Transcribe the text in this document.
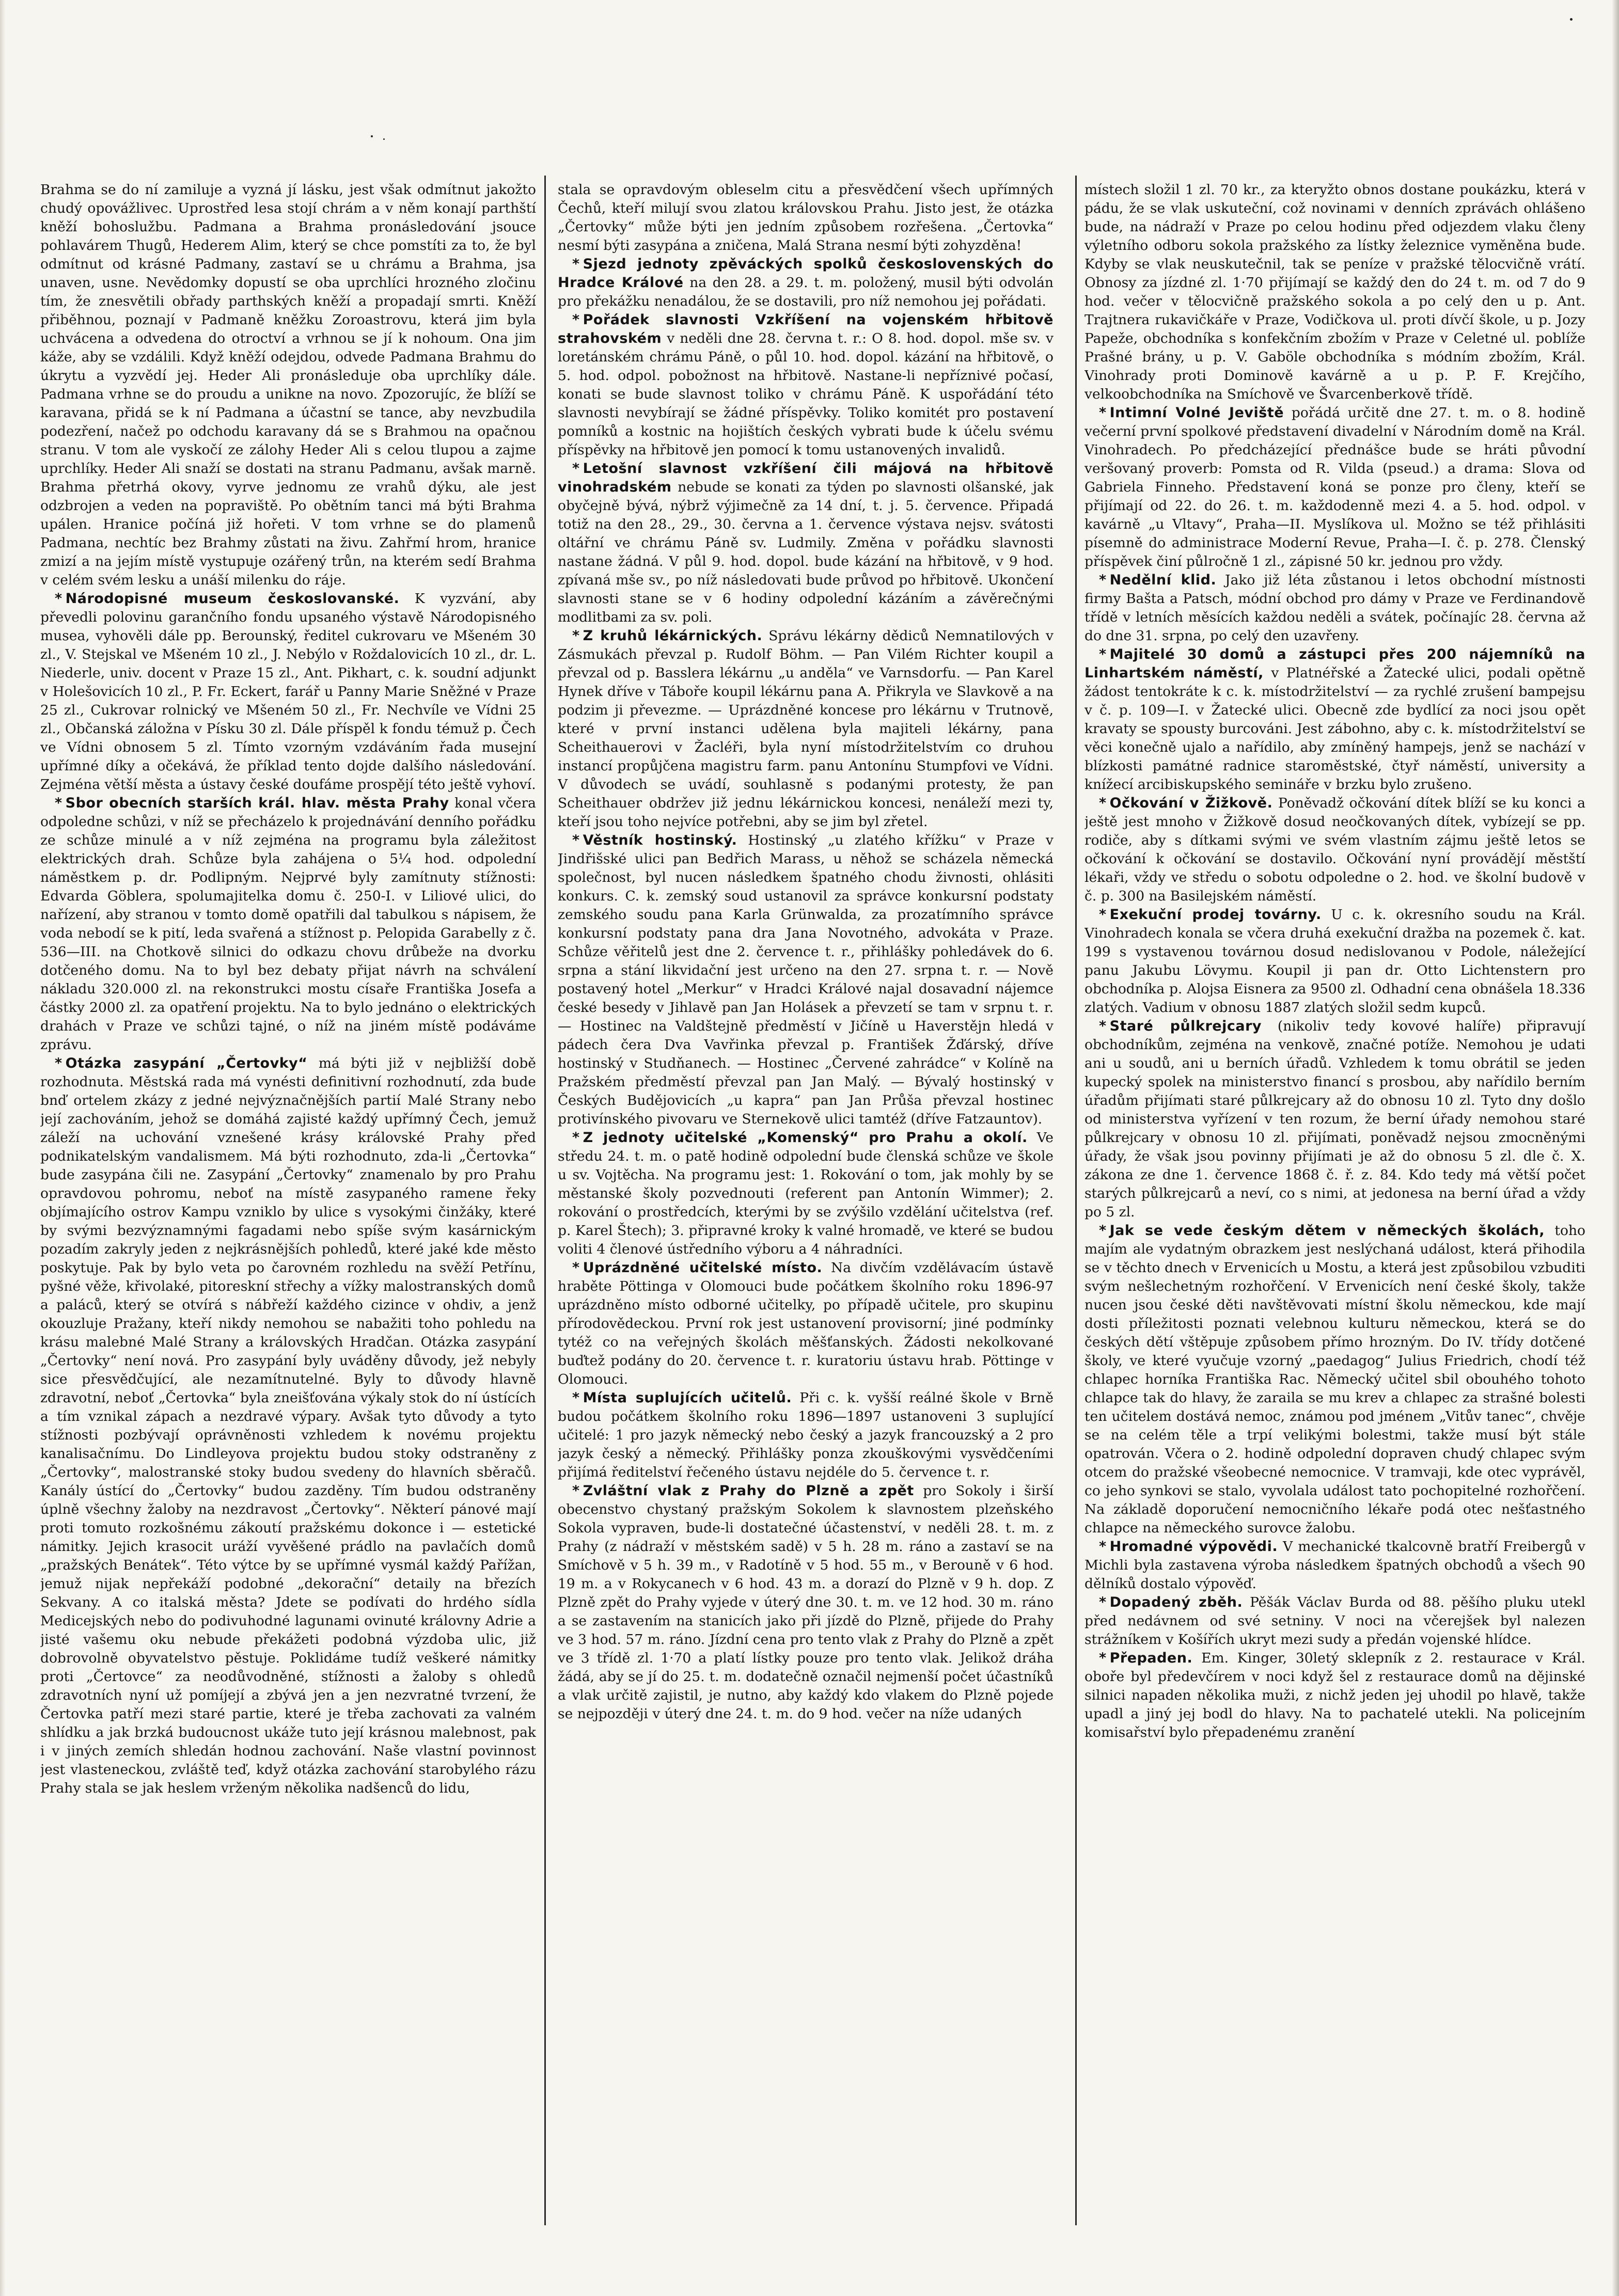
Brahma se do ní zamiluje a vyzná jí lásku, jest však odmítnut jakožto chudý opovážlivec. Uprostřed lesa stojí chrám a v něm konají parthští kněží bohoslužbu. Padmana a Brahma pronásledování jsouce pohlavárem Thugů, Hederem Alim, který se chce pomstíti za to, že byl odmítnut od krásné Padmany, zastaví se u chrámu a Brahma, jsa unaven, usne. Nevědomky dopustí se oba uprchlíci hrozného zločinu tím, že znesvětili obřady parthských kněží a propadají smrti. Kněží přiběhnou, poznají v Padmaně kněžku Zoroastrovu, která jim byla uchvácena a odvedena do otroctví a vrhnou se jí k nohoum. Ona jim káže, aby se vzdálili. Když kněží odejdou, odvede Padmana Brahmu do úkrytu a vyzvědí jej. Heder Ali pronásleduje oba uprchlíky dále. Padmana vrhne se do proudu a unikne na novo. Zpozorujíc, že blíží se karavana, přidá se k ní Padmana a účastní se tance, aby nevzbudila podezření, načež po odchodu karavany dá se s Brahmou na opačnou stranu. V tom ale vyskočí ze zálohy Heder Ali s celou tlupou a zajme uprchlíky. Heder Ali snaží se dostati na stranu Padmanu, avšak marně. Brahma přetrhá okovy, vyrve jednomu ze vrahů dýku, ale jest odzbrojen a veden na popraviště. Po obětním tanci má býti Brahma upálen. Hranice počíná již hořeti. V tom vrhne se do plamenů Padmana, nechtíc bez Brahmy zůstati na živu. Zahřmí hrom, hranice zmizí a na jejím místě vystupuje ozářený trůn, na kterém sedí Brahma v celém svém lesku a unáší milenku do ráje.

* Národopisné museum českoslovanské. K vyzvání, aby převedli polovinu garančního fondu upsaného výstavě Národopisného musea, vyhověli dále pp. Berounský, ředitel cukrovaru ve Mšeném 30 zl., V. Stejskal ve Mšeném 10 zl., J. Nebýlo v Roždalovicích 10 zl., dr. L. Niederle, univ. docent v Praze 15 zl., Ant. Pikhart, c. k. soudní adjunkt v Holešovicích 10 zl., P. Fr. Eckert, farář u Panny Marie Sněžné v Praze 25 zl., Cukrovar rolnický ve Mšeném 50 zl., Fr. Nechvíle ve Vídni 25 zl., Občanská záložna v Písku 30 zl. Dále příspěl k fondu témuž p. Čech ve Vídni obnosem 5 zl. Tímto vzorným vzdáváním řada musejní upřímné díky a očekává, že příklad tento dojde dalšího následování. Zejména větší města a ústavy české doufáme prospějí této ještě vyhoví.

* Sbor obecních starších král. hlav. města Prahy konal včera odpoledne schůzi, v níž se přecházelo k projednávání denního pořádku ze schůze minulé a v níž zejména na programu byla záležitost elektrických drah. Schůze byla zahájena o 5¼ hod. odpolední náměstkem p. dr. Podlipným. Nejprvé byly zamítnuty stížnosti: Edvarda Göblera, spolumajitelka domu č. 250-I. v Liliové ulici, do nařízení, aby stranou v tomto domě opatřili dal tabulkou s nápisem, že voda nebodí se k pití, leda svařená a stížnost p. Pelopida Garabelly z č. 536—III. na Chotkově silnici do odkazu chovu drůbeže na dvorku dotčeného domu. Na to byl bez debaty přijat návrh na schválení nákladu 320.000 zl. na rekonstrukci mostu císaře Františka Josefa a částky 2000 zl. za opatření projektu. Na to bylo jednáno o elektrických drahách v Praze ve schůzi tajné, o níž na jiném místě podáváme zprávu.

* Otázka zasypání „Čertovky“ má býti již v nejbližší době rozhodnuta. Městská rada má vynésti definitivní rozhodnutí, zda bude bnď ortelem zkázy z jedné nejvýznačnějších partií Malé Strany nebo její zachováním, jehož se domáhá zajisté každý upřímný Čech, jemuž záleží na uchování vznešené krásy královské Prahy před podnikatelským vandalismem. Má býti rozhodnuto, zda-li „Čertovka“ bude zasypána čili ne. Zasypání „Čertovky“ znamenalo by pro Prahu opravdovou pohromu, neboť na místě zasypaného ramene řeky objímajícího ostrov Kampu vzniklo by ulice s vysokými činžáky, které by svými bezvýznamnými fagadami nebo spíše svým kasárnickým pozadím zakryly jeden z nejkrásnějších pohledů, které jaké kde město poskytuje. Pak by bylo veta po čarovném rozhledu na svěží Petřínu, pyšné věže, křivolaké, pitoreskní střechy a vížky malostranských domů a paláců, který se otvírá s nábřeží každého cizince v ohdiv, a jenž okouzluje Pražany, kteří nikdy nemohou se nabažiti toho pohledu na krásu malebné Malé Strany a královských Hradčan. Otázka zasypání „Čertovky“ není nová. Pro zasypání byly uváděny důvody, jež nebyly sice přesvědčující, ale nezamítnutelné. Byly to důvody hlavně zdravotní, neboť „Čertovka“ byla zneišťována výkaly stok do ní ústících a tím vznikal zápach a nezdravé výpary. Avšak tyto důvody a tyto stížnosti pozbývají oprávněnosti vzhledem k novému projektu kanalisačnímu. Do Lindleyova projektu budou stoky odstraněny z „Čertovky“, malostranské stoky budou svedeny do hlavních sběračů. Kanály ústící do „Čertovky“ budou zazděny. Tím budou odstraněny úplně všechny žaloby na nezdravost „Čertovky“. Některí pánové mají proti tomuto rozkošnému zákoutí pražskému dokonce i — estetické námitky. Jejich krasocit uráží vyvěšené prádlo na pavlačích domů „pražských Benátek“. Této výtce by se upřímné vysmál každý Pařížan, jemuž nijak nepřekáží podobné „dekorační“ detaily na březích Sekvany. A co italská města? Jdete se podívati do hrdého sídla Medicejských nebo do podivuhodné lagunami ovinuté královny Adrie a jisté vašemu oku nebude překážeti podobná výzdoba ulic, již dobrovolně obyvatelstvo pěstuje. Poklidáme tudíž veškeré námitky proti „Čertovce“ za neodůvodněné, stížnosti a žaloby s ohledů zdravotních nyní už pomíjejí a zbývá jen a jen nezvratné tvrzení, že Čertovka patří mezi staré partie, které je třeba zachovati za valném shlídku a jak brzká budoucnost ukáže tuto její krásnou malebnost, pak i v jiných zemích shledán hodnou zachování. Naše vlastní povinnost jest vlasteneckou, zvláště teď, když otázka zachování starobylého rázu Prahy stala se jak heslem vrženým několika nadšenců do lidu,

stala se opravdovým obleselm citu a přesvědčení všech upřímných Čechů, kteří milují svou zlatou královskou Prahu. Jisto jest, že otázka „Čertovky“ může býti jen jedním způsobem rozřešena. „Čertovka“ nesmí býti zasypána a zničena, Malá Strana nesmí býti zohyzděna!

* Sjezd jednoty zpěváckých spolků československých do Hradce Králové na den 28. a 29. t. m. položený, musil býti odvolán pro překážku nenadálou, že se dostavili, pro níž nemohou jej pořádati.

* Pořádek slavnosti Vzkříšení na vojenském hřbitově strahovském v neděli dne 28. června t. r.: O 8. hod. dopol. mše sv. v loretánském chrámu Páně, o půl 10. hod. dopol. kázání na hřbitově, o 5. hod. odpol. pobožnost na hřbitově. Nastane-li nepříznivé počasí, konati se bude slavnost toliko v chrámu Páně. K uspořádání této slavnosti nevybírají se žádné příspěvky. Toliko komitét pro postavení pomníků a kostnic na hojištích českých vybrati bude k účelu svému příspěvky na hřbitově jen pomocí k tomu ustanovených invalidů.

* Letošní slavnost vzkříšení čili májová na hřbitově vinohradském nebude se konati za týden po slavnosti olšanské, jak obyčejně bývá, nýbrž výjimečně za 14 dní, t. j. 5. července. Připadá totiž na den 28., 29., 30. června a 1. července výstava nejsv. svátosti oltářní ve chrámu Páně sv. Ludmily. Změna v pořádku slavnosti nastane žádná. V půl 9. hod. dopol. bude kázání na hřbitově, v 9 hod. zpívaná mše sv., po níž následovati bude průvod po hřbitově. Ukončení slavnosti stane se v 6 hodiny odpolední kázáním a závěrečnými modlitbami za sv. poli.

* Z kruhů lékárnických. Správu lékárny dědiců Nemnatilových v Zásmukách převzal p. Rudolf Böhm. — Pan Vilém Richter koupil a převzal od p. Basslera lékárnu „u anděla“ ve Varnsdorfu. — Pan Karel Hynek dříve v Táboře koupil lékárnu pana A. Přikryla ve Slavkově a na podzim ji převezme. — Uprázdněné koncese pro lékárnu v Trutnově, které v první instanci udělena byla majiteli lékárny, pana Scheithauerovi v Žacléři, byla nyní místodržitelstvím co druhou instancí propůjčena magistru farm. panu Antonínu Stumpfovi ve Vídni. V důvodech se uvádí, souhlasně s podanými protesty, že pan Scheithauer obdržev již jednu lékárnickou koncesi, nenáleží mezi ty, kteří jsou toho nejvíce potřebni, aby se jim byl zřetel.

* Věstník hostinský. Hostinský „u zlatého křížku“ v Praze v Jindřišské ulici pan Bedřich Marass, u něhož se scházela německá společnost, byl nucen následkem špatného chodu živnosti, ohlásiti konkurs. C. k. zemský soud ustanovil za správce konkursní podstaty zemského soudu pana Karla Grünwalda, za prozatímního správce konkursní podstaty pana dra Jana Novotného, advokáta v Praze. Schůze věřitelů jest dne 2. července t. r., přihlášky pohledávek do 6. srpna a stání likvidační jest určeno na den 27. srpna t. r. — Nově postavený hotel „Merkur“ v Hradci Králové najal dosavadní nájemce české besedy v Jihlavě pan Jan Holásek a převzetí se tam v srpnu t. r. — Hostinec na Valdštejně předměstí v Jičíně u Haverstějn hledá v pádech čera Dva Vavřinka převzal p. František Žďárský, dříve hostinský v Studňanech. — Hostinec „Červené zahrádce“ v Kolíně na Pražském předměstí převzal pan Jan Malý. — Bývalý hostinský v Českých Budějovicích „u kapra“ pan Jan Průša převzal hostinec protivínského pivovaru ve Sternekově ulici tamtéž (dříve Fatzauntov).

* Z jednoty učitelské „Komenský“ pro Prahu a okolí. Ve středu 24. t. m. o patě hodině odpolední bude členská schůze ve škole u sv. Vojtěcha. Na programu jest: 1. Rokování o tom, jak mohly by se městanské školy pozvednouti (referent pan Antonín Wimmer); 2. rokování o prostředcích, kterými by se zvýšilo vzdělání učitelstva (ref. p. Karel Štech); 3. připravné kroky k valné hromadě, ve které se budou voliti 4 členové ústředního výboru a 4 náhradníci.

* Uprázdněné učitelské místo. Na divčím vzdělávacím ústavě hraběte Pöttinga v Olomouci bude počátkem školního roku 1896-97 uprázdněno místo odborné učitelky, po případě učitele, pro skupinu přírodovědeckou. První rok jest ustanovení provisorní; jiné podmínky tytéž co na veřejných školách měšťanských. Žádosti nekolkované buďtež podány do 20. července t. r. kuratoriu ústavu hrab. Pöttinge v Olomouci.

* Místa suplujících učitelů. Při c. k. vyšší reálné škole v Brně budou počátkem školního roku 1896—1897 ustanoveni 3 suplující učitelé: 1 pro jazyk německý nebo český a jazyk francouzský a 2 pro jazyk český a německý. Přihlášky ponza zkouškovými vysvědčeními přijímá ředitelství řečeného ústavu nejdéle do 5. července t. r.

* Zvláštní vlak z Prahy do Plzně a zpět pro Sokoly i širší obecenstvo chystaný pražským Sokolem k slavnostem plzeňského Sokola vypraven, bude-li dostatečné účastenství, v neděli 28. t. m. z Prahy (z nádraží v městském sadě) v 5 h. 28 m. ráno a zastaví se na Smíchově v 5 h. 39 m., v Radotíně v 5 hod. 55 m., v Berouně v 6 hod. 19 m. a v Rokycanech v 6 hod. 43 m. a dorazí do Plzně v 9 h. dop. Z Plzně zpět do Prahy vyjede v úterý dne 30. t. m. ve 12 hod. 30 m. ráno a se zastavením na stanicích jako při jízdě do Plzně, přijede do Prahy ve 3 hod. 57 m. ráno. Jízdní cena pro tento vlak z Prahy do Plzně a zpět ve 3 třídě zl. 1·70 a platí lístky pouze pro tento vlak. Jelikož dráha žádá, aby se jí do 25. t. m. dodatečně označil nejmenší počet účastníků a vlak určitě zajistil, je nutno, aby každý kdo vlakem do Plzně pojede se nejpozději v úterý dne 24. t. m. do 9 hod. večer na níže udaných

místech složil 1 zl. 70 kr., za kteryžto obnos dostane poukázku, která v pádu, že se vlak uskuteční, což novinami v denních zprávách ohlášeno bude, na nádraží v Praze po celou hodinu před odjezdem vlaku členy výletního odboru sokola pražského za lístky železnice vyměněna bude. Kdyby se vlak neuskutečnil, tak se peníze v pražské tělocvičně vrátí. Obnosy za jízdné zl. 1·70 přijímají se každý den do 24 t. m. od 7 do 9 hod. večer v tělocvičně pražského sokola a po celý den u p. Ant. Trajtnera rukavičkáře v Praze, Vodičkova ul. proti dívčí škole, u p. Jozy Papeže, obchodníka s konfekčním zbožím v Praze v Celetné ul. poblíže Prašné brány, u p. V. Gaböle obchodníka s módním zbožím, Král. Vinohrady proti Dominově kavárně a u p. P. F. Krejčího, velkoobchodníka na Smíchově ve Švarcenberkově třídě.

* Intimní Volné Jeviště pořádá určitě dne 27. t. m. o 8. hodině večerní první spolkové představení divadelní v Národním domě na Král. Vinohradech. Po předcházející přednášce bude se hráti původní veršovaný proverb: Pomsta od R. Vildа (pseud.) a drama: Slova od Gabriela Finneho. Představení koná se ponze pro členy, kteří se přijímají od 22. do 26. t. m. každodenně mezi 4. a 5. hod. odpol. v kavárně „u Vltavy“, Praha—II. Myslíkova ul. Možno se též přihlásiti písemně do administrace Moderní Revue, Praha—I. č. p. 278. Členský příspěvek činí půlročně 1 zl., zápisné 50 kr. jednou pro vždy.

* Nedělní klid. Jako již léta zůstanou i letos obchodní místnosti firmy Bašta a Patsch, módní obchod pro dámy v Praze ve Ferdinandově třídě v letních měsících každou neděli a svátek, počínajíc 28. června až do dne 31. srpna, po celý den uzavřeny.

* Majitelé 30 domů a zástupci přes 200 nájemníků na Linhartském náměstí, v Platnéřské a Žatecké ulici, podali opětně žádost tentokráte k c. k. místodržitelství — za rychlé zrušení bampejsu v č. p. 109—I. v Žatecké ulici. Obecně zde bydlící za noci jsou opět kravaty se spousty burcováni. Jest zábohno, aby c. k. místodržitelství se věci konečně ujalo a nařídilo, aby zmíněný hampejs, jenž se nachází v blízkosti památné radnice staroměstské, čtyř náměstí, university a knížecí arcibiskupského semináře v brzku bylo zrušeno.

* Očkování v Žižkově. Poněvadž očkování dítek blíží se ku konci a ještě jest mnoho v Žižkově dosud neočkovaných dítek, vybízejí se pp. rodiče, aby s dítkami svými ve svém vlastním zájmu ještě letos se očkování k očkování se dostavilo. Očkování nyní provádějí městští lékaři, vždy ve středu o sobotu odpoledne o 2. hod. ve školní budově v č. p. 300 na Basilejském náměstí.

* Exekuční prodej továrny. U c. k. okresního soudu na Král. Vinohradech konala se včera druhá exekuční dražba na pozemek č. kat. 199 s vystavenou továrnou dosud nedislovanou v Podole, náležející panu Jakubu Lövymu. Koupil ji pan dr. Otto Lichtenstern pro obchodníka p. Alojsa Eisnera za 9500 zl. Odhadní cena obnášela 18.336 zlatých. Vadium v obnosu 1887 zlatých složil sedm kupců.

* Staré půlkrejcary (nikoliv tedy kovové halíře) připravují obchodníkům, zejména na venkově, značné potíže. Nemohou je udati ani u soudů, ani u berních úřadů. Vzhledem k tomu obrátil se jeden kupecký spolek na ministerstvo financí s prosbou, aby nařídilo berním úřadům přijímati staré půlkrejcary až do obnosu 10 zl. Tyto dny došlo od ministerstva vyřízení v ten rozum, že berní úřady nemohou staré půlkrejcary v obnosu 10 zl. přijímati, poněvadž nejsou zmocněnými úřady, že však jsou povinny přijímati je až do obnosu 5 zl. dle č. X. zákona ze dne 1. července 1868 č. ř. z. 84. Kdo tedy má větší počet starých půlkrejcarů a neví, co s nimi, at jedonesa na berní úřad a vždy po 5 zl.

* Jak se vede českým dětem v německých školách, toho majím ale vydatným obrazkem jest neslýchaná událost, která přihodila se v těchto dnech v Ervenicích u Mostu, a která jest způsobilou vzbuditi svým nešlechetným rozhořčení. V Ervenicích není české školy, takže nucen jsou české děti navštěvovati místní školu německou, kde mají dosti příležitosti poznati velebnou kulturu německou, která se do českých dětí vštěpuje způsobem přímo hrozným. Do IV. třídy dotčené školy, ve které vyučuje vzorný „paedagog“ Julius Friedrich, chodí též chlapec horníka Františka Rac. Německý učitel sbil obouhého tohoto chlapce tak do hlavy, že zaraila se mu krev a chlapec za strašné bolesti ten učitelem dostává nemoc, známou pod jménem „Vitův tanec“, chvěje se na celém těle a trpí velikými bolestmi, takže musí být stále opatrován. Včera o 2. hodině odpolední dopraven chudý chlapec svým otcem do pražské všeobecné nemocnice. V tramvaji, kde otec vyprávěl, co jeho synkovi se stalo, vyvolala událost tato pochopitelné rozhořčení. Na základě doporučení nemocničního lékaře podá otec nešťastného chlapce na německého surovce žalobu.

* Hromadné výpovědi. V mechanické tkalcovně bratří Freibergů v Michli byla zastavena výroba následkem špatných obchodů a všech 90 dělníků dostalo výpověď.

* Dopadený zběh. Pěšák Václav Burda od 88. pěšího pluku utekl před nedávnem od své setniny. V noci na včerejšek byl nalezen strážníkem v Košířích ukryt mezi sudy a předán vojenské hlídce.

* Přepaden. Em. Kinger, 30letý sklepník z 2. restaurace v Král. oboře byl předevčírem v noci když šel z restaurace domů na dějinské silnici napaden několika muži, z nichž jeden jej uhodil po hlavě, takže upadl a jiný jej bodl do hlavy. Na to pachatelé utekli. Na policejním komisařství bylo přepadenému zranění
